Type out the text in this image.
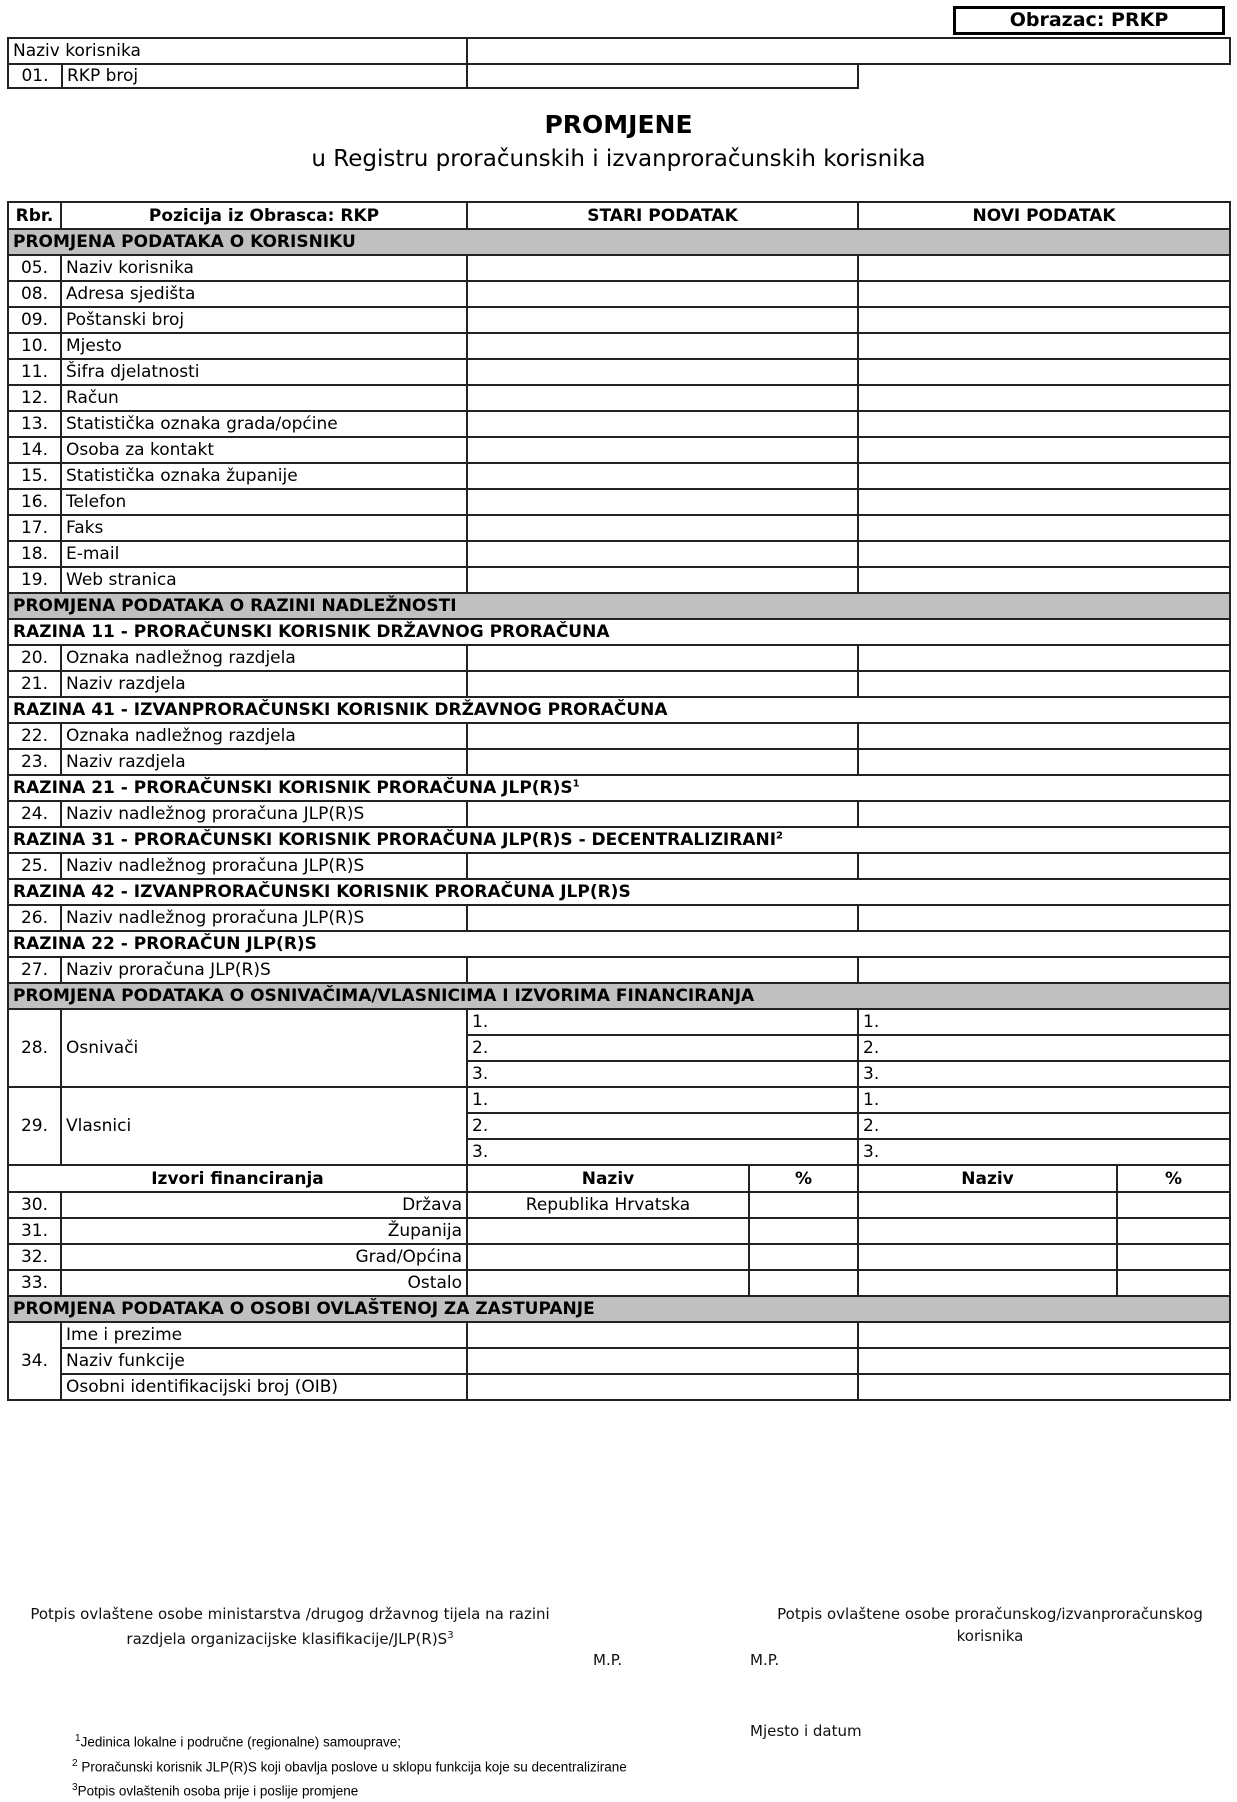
Obrazac: PRKP
Naziv korisnika	

01.	RKP broj

PROMJENE
u Registru proračunskih i izvanproračunskih korisnika
Rbr.	Pozicija iz Obrasca: RKP	STARI PODATAK		NOVI PODATAK	
PROMJENA PODATAKA O KORISNIKU					
05.	Naziv korisnika				
08.	Adresa sjedišta				
09.	Poštanski broj				
10.	Mjesto				
11.	Šifra djelatnosti				
12.	Račun				
13.	Statistička oznaka grada/općine				
14.	Osoba za kontakt				
15.	Statistička oznaka županije				
16.	Telefon				
17.	Faks				
18.	E-mail				
19.	Web stranica				
PROMJENA PODATAKA O RAZINI NADLEŽNOSTI					
RAZINA 11 - PRORAČUNSKI KORISNIK DRŽAVNOG PRORAČUNA					
20.	Oznaka nadležnog razdjela				
21.	Naziv razdjela				
RAZINA 41 - IZVANPRORAČUNSKI KORISNIK DRŽAVNOG PRORAČUNA					
22.	Oznaka nadležnog razdjela				
23.	Naziv razdjela				
RAZINA 21 - PRORAČUNSKI KORISNIK PRORAČUNA $JLP(R)S^1$
24.	Naziv nadležnog proračuna JLP(R)S				
RAZINA 31 - PRORAČUNSKI KORISNIK PRORAČUNA JLP(R)S - DECENTRALIZIRANI$^2$
25.	Naziv nadležnog proračuna JLP(R)S				
RAZINA 42 - IZVANPRORAČUNSKI KORISNIK PRORAČUNA JLP(R)S					
26.	Naziv nadležnog proračuna JLP(R)S				
RAZINA 22 - PRORAČUN JLP(R)S					
27.	Naziv proračuna JLP(R)S				
PROMJENA PODATAKA O OSNIVAČIMA/VLASNICIMA I IZVORIMA FINANCIRANJA					
28.	Osnivači	1.		1.	
		2.		2.	
		3.		3.	
29.	Vlasnici	1.		1.	
		2.		2.	
		3.		3.	
Izvori financiranja		Naziv	%	Naziv	%
30.	Država	Republika Hrvatska			
31.	Županija				
32.	Grad/Općina				
33.	Ostalo				
PROMJENA PODATAKA O OSOBI OVLAŠTENOJ ZA ZASTUPANJE					
34.	Ime i prezime				
	Naziv funkcije				
	Osobni identifikacijski broj (OIB)				
Potpis ovlaštene osobe ministarstva /drugog državnog tijela na razini
razdjela organizacijske klasifikacije/$JLP(R)S^3$
M.P.	M.P.
Potpis ovlaštene osobe proračunskog/izvanproračunskog
korisnika
Mjesto i datum
$^1$Jedinica lokalne i područne (regionalne) samouprave;
$^2$ Proračunski korisnik JLP(R)S koji obavlja poslove u sklopu funkcija koje su decentralizirane
$^3$Potpis ovlaštenih osoba prije i poslije promjene
